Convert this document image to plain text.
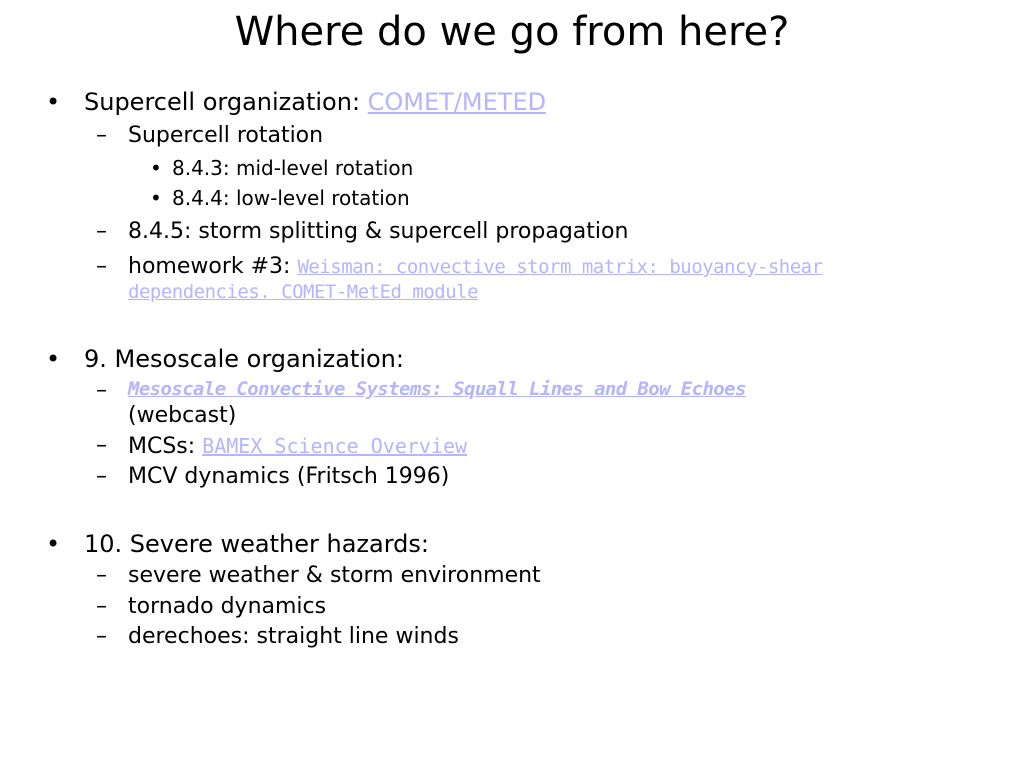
Where do we go from here?
• Supercell organization: COMET/METED
– Supercell rotation
• 8.4.3: mid-level rotation
• 8.4.4: low-level rotation
– 8.4.5: storm splitting & supercell propagation
– homework #3: Weisman: convective storm matrix: buoyancy-shear
dependencies. COMET-MetEd module
• 9. Mesoscale organization:
– Mesoscale Convective Systems: Squall Lines and Bow Echoes
(webcast)
– MCSs: BAMEX Science Overview
– MCV dynamics (Fritsch 1996)
• 10. Severe weather hazards:
– severe weather & storm environment
– tornado dynamics
– derechoes: straight line winds
